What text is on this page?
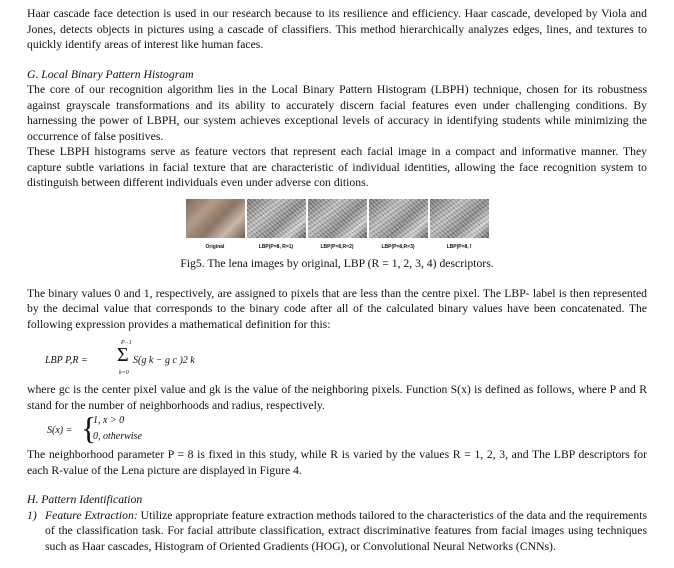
Haar cascade face detection is used in our research because to its resilience and efficiency. Haar cascade, developed by Viola and Jones, detects objects in pictures using a cascade of classifiers. This method hierarchically analyzes edges, lines, and textures to quickly identify areas of interest like human faces.

G. Local Binary Pattern Histogram

The core of our recognition algorithm lies in the Local Binary Pattern Histogram (LBPH) technique, chosen for its robustness against grayscale transformations and its ability to accurately discern facial features even under challenging conditions. By harnessing the power of LBPH, our system achieves exceptional levels of accuracy in identifying students while minimizing the occurrence of false positives.

These LBPH histograms serve as feature vectors that represent each facial image in a compact and informative manner. They capture subtle variations in facial texture that are characteristic of individual identities, allowing the face recognition system to distinguish between different individuals even under adverse con ditions.

Original	LBP(P=8, R=1)	LBP(P=8,R=2)	LBP(P=8,R=3)	LBP(P=8, I

Fig5. The lena images by original, LBP (R = 1, 2, 3, 4) descriptors.

The binary values 0 and 1, respectively, are assigned to pixels that are less than the centre pixel. The LBP- label is then represented by the decimal value that corresponds to the binary code after all of the calculated binary values have been concatenated. The following expression provides a mathematical definition for this:

LBP P,R =
P−1
Σ
k=0
S(g k − g c )2 k

where gc is the center pixel value and gk is the value of the neighboring pixels. Function S(x) is defined as follows, where P and R stand for the number of neighborhoods and radius, respectively.

S(x) = {
1, x > 0
0, otherwise

The neighborhood parameter P = 8 is fixed in this study, while R is varied by the values R = 1, 2, 3, and The LBP descriptors for each R-value of the Lena picture are displayed in Figure 4.

H. Pattern Identification

1) Feature Extraction: Utilize appropriate feature extraction methods tailored to the characteristics of the data and the requirements of the classification task. For facial attribute classification, extract discriminative features from facial images using techniques such as Haar cascades, Histogram of Oriented Gradients (HOG), or Convolutional Neural Networks (CNNs).
